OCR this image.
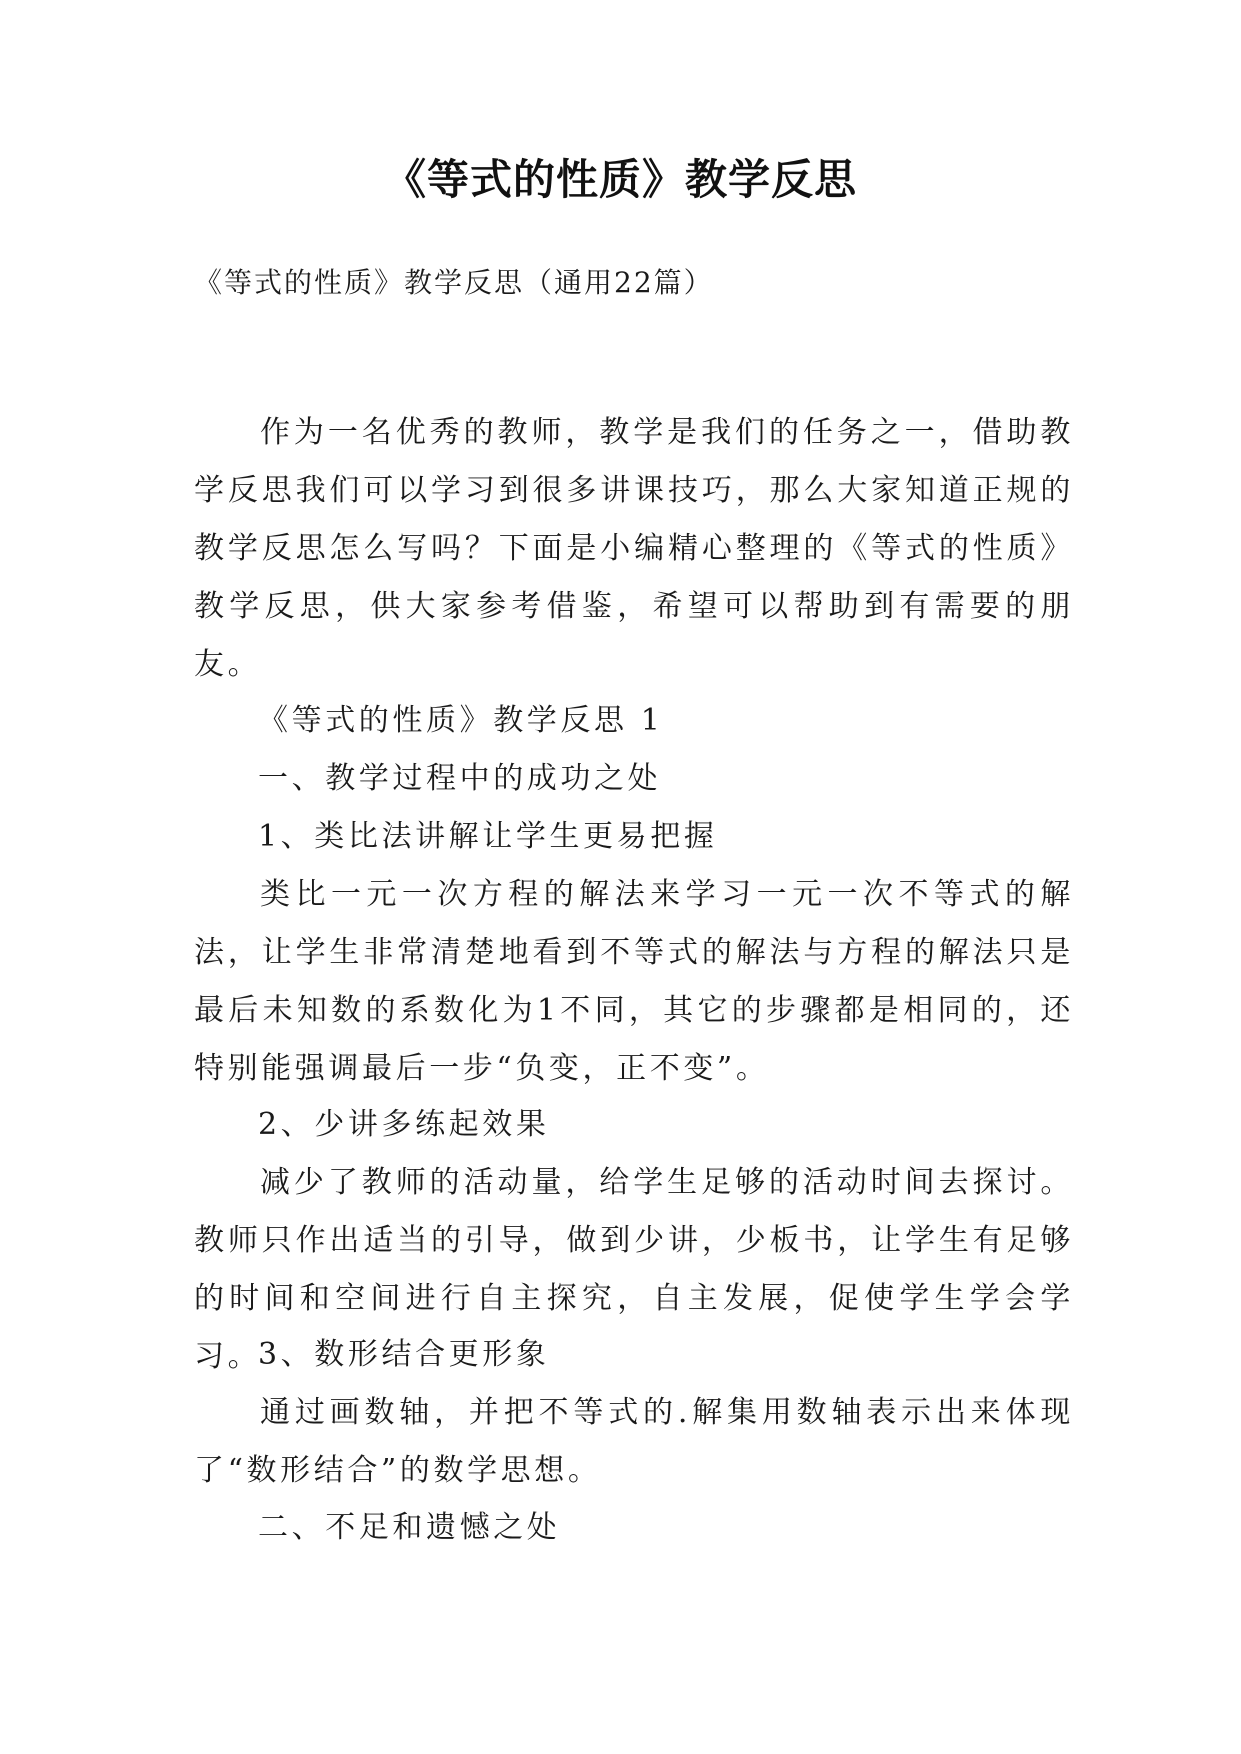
《等式的性质》教学反思
《等式的性质》教学反思（通用22篇）
作为一名优秀的教师，教学是我们的任务之一，借助教学反思我们可以学习到很多讲课技巧，那么大家知道正规的教学反思怎么写吗？下面是小编精心整理的《等式的性质》教学反思，供大家参考借鉴，希望可以帮助到有需要的朋友。
《等式的性质》教学反思 1
一、教学过程中的成功之处
1、类比法讲解让学生更易把握
类比一元一次方程的解法来学习一元一次不等式的解法，让学生非常清楚地看到不等式的解法与方程的解法只是最后未知数的系数化为1不同，其它的步骤都是相同的，还特别能强调最后一步“负变，正不变”。
2、少讲多练起效果
减少了教师的活动量，给学生足够的活动时间去探讨。教师只作出适当的引导，做到少讲，少板书，让学生有足够的时间和空间进行自主探究，自主发展，促使学生学会学习。
3、数形结合更形象
通过画数轴，并把不等式的.解集用数轴表示出来体现了“数形结合”的数学思想。
二、不足和遗憾之处
